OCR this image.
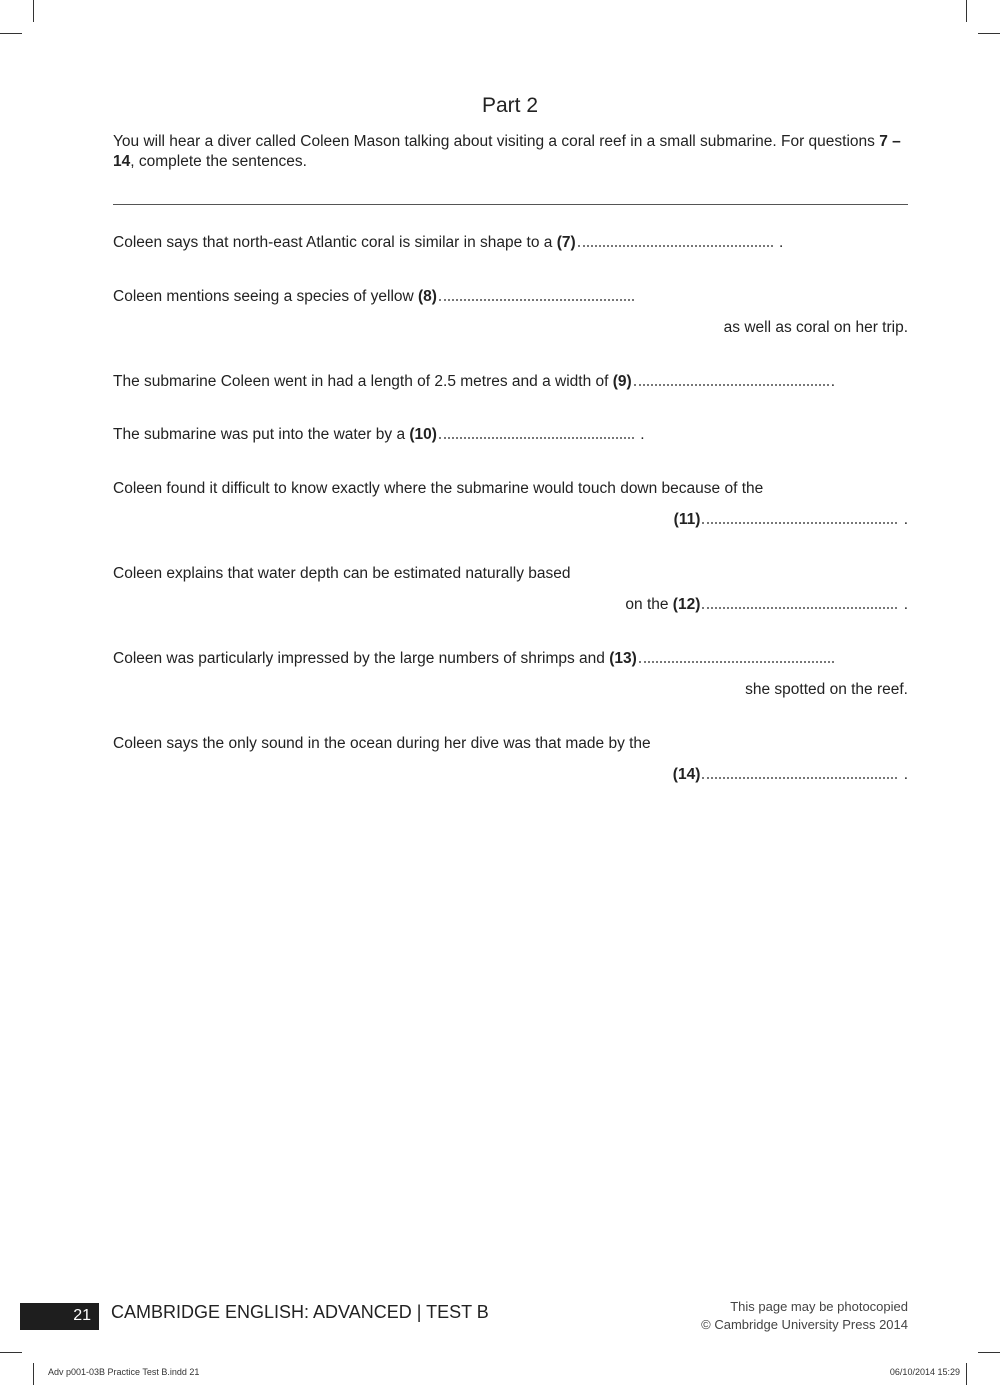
Part 2
You will hear a diver called Coleen Mason talking about visiting a coral reef in a small submarine. For questions 7 – 14, complete the sentences.
Coleen says that north-east Atlantic coral is similar in shape to a (7)	.
Coleen mentions seeing a species of yellow (8)
as well as coral on her trip.
The submarine Coleen went in had a length of 2.5 metres and a width of (9)	.
The submarine was put into the water by a (10)	.
Coleen found it difficult to know exactly where the submarine would touch down because of the
(11)	.
Coleen explains that water depth can be estimated naturally based
on the (12)	.
Coleen was particularly impressed by the large numbers of shrimps and (13)
she spotted on the reef.
Coleen says the only sound in the ocean during her dive was that made by the
(14)	.
21	CAMBRIDGE ENGLISH: ADVANCED | TEST B	This page may be photocopied
© Cambridge University Press 2014
Adv p001-03B Practice Test B.indd 21	06/10/2014 15:29
